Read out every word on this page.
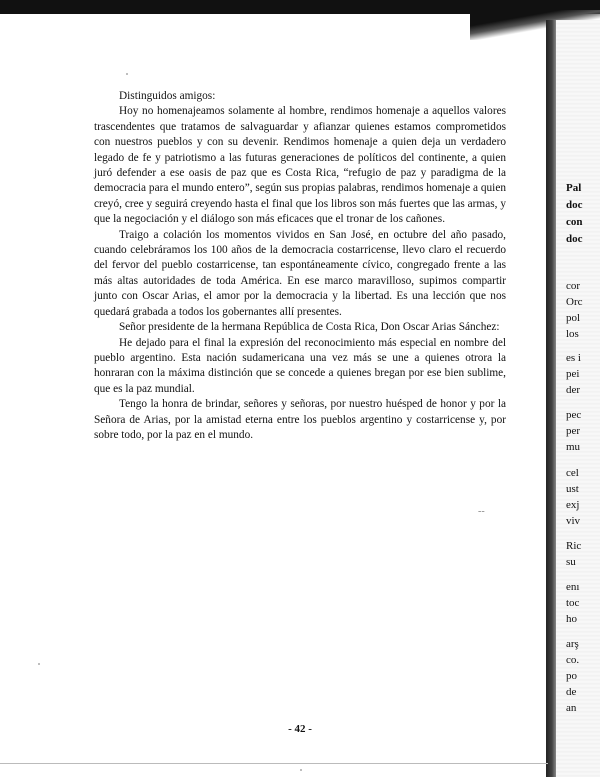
Distinguidos amigos:

Hoy no homenajeamos solamente al hombre, rendimos homenaje a aquellos valores trascendentes que tratamos de salvaguardar y afianzar quienes estamos comprometidos con nuestros pueblos y con su devenir. Rendimos homenaje a quien deja un verdadero legado de fe y patriotismo a las futuras generaciones de políticos del continente, a quien juró defender a ese oasis de paz que es Costa Rica, “refugio de paz y paradigma de la democracia para el mundo entero”, según sus propias palabras, rendimos homenaje a quien creyó, cree y seguirá creyendo hasta el final que los libros son más fuertes que las armas, y que la negociación y el diálogo son más eficaces que el tronar de los cañones.

Traigo a colación los momentos vividos en San José, en octubre del año pasado, cuando celebráramos los 100 años de la democracia costarricense, llevo claro el recuerdo del fervor del pueblo costarricense, tan espontáneamente cívico, congregado frente a las más altas autoridades de toda América. En ese marco maravilloso, supimos compartir junto con Oscar Arias, el amor por la democracia y la libertad. Es una lección que nos quedará grabada a todos los gobernantes allí presentes.

Señor presidente de la hermana República de Costa Rica, Don Oscar Arias Sánchez:

He dejado para el final la expresión del reconocimiento más especial en nombre del pueblo argentino. Esta nación sudamericana una vez más se une a quienes otrora la honraran con la máxima distinción que se concede a quienes bregan por ese bien sublime, que es la paz mundial.

Tengo la honra de brindar, señores y señoras, por nuestro huésped de honor y por la Señora de Arias, por la amistad eterna entre los pueblos argentino y costarricense y, por sobre todo, por la paz en el mundo.

--
- 42 -
Pal
doc
con
doc
cor
Orc
pol
los
es i
pei
der
pec
per
mu
cel
ust
exj
viv
Ric
su
enı
toc
ho
arş
co.
po
de
an
